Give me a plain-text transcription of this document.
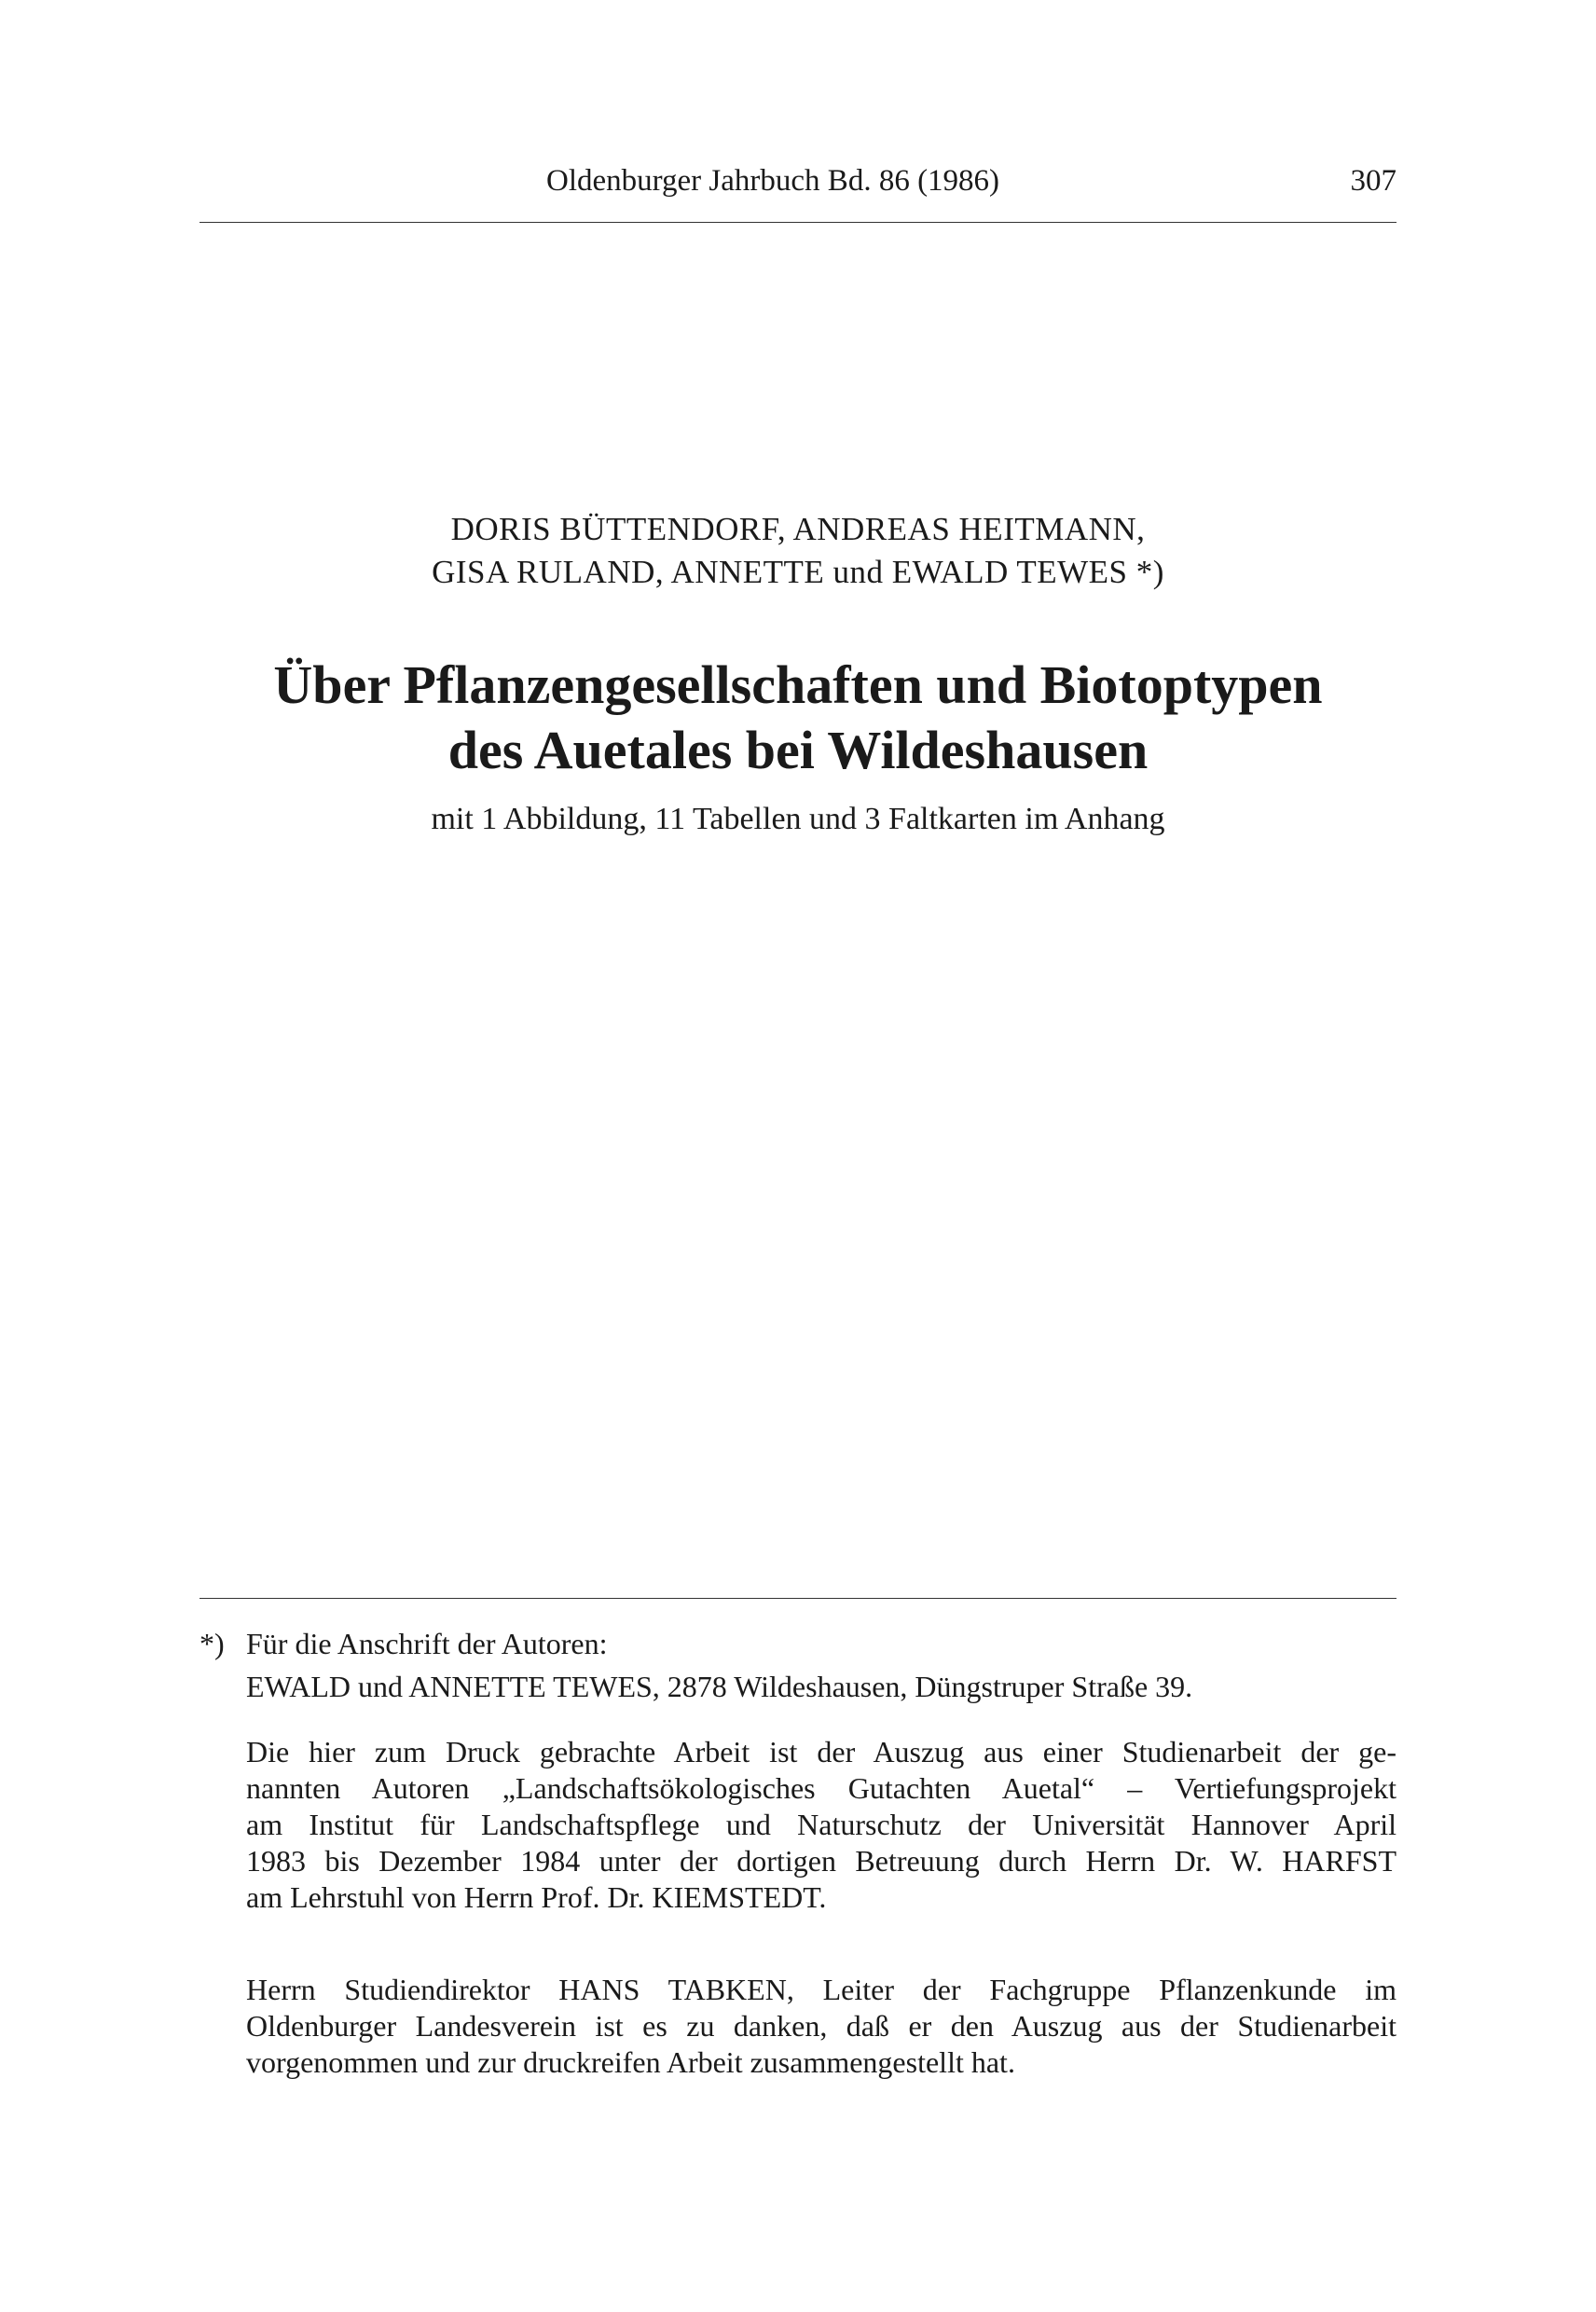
Oldenburger Jahrbuch Bd. 86 (1986)	307
DORIS BÜTTENDORF, ANDREAS HEITMANN,
GISA RULAND, ANNETTE und EWALD TEWES *)
Über Pflanzengesellschaften und Biotoptypen
des Auetales bei Wildeshausen
mit 1 Abbildung, 11 Tabellen und 3 Faltkarten im Anhang
*) Für die Anschrift der Autoren:
EWALD und ANNETTE TEWES, 2878 Wildeshausen, Düngstruper Straße 39.
Die hier zum Druck gebrachte Arbeit ist der Auszug aus einer Studienarbeit der ge-
nannten Autoren „Landschaftsökologisches Gutachten Auetal“ – Vertiefungsprojekt
am Institut für Landschaftspflege und Naturschutz der Universität Hannover April
1983 bis Dezember 1984 unter der dortigen Betreuung durch Herrn Dr. W. HARFST
am Lehrstuhl von Herrn Prof. Dr. KIEMSTEDT.
Herrn Studiendirektor HANS TABKEN, Leiter der Fachgruppe Pflanzenkunde im
Oldenburger Landesverein ist es zu danken, daß er den Auszug aus der Studienarbeit
vorgenommen und zur druckreifen Arbeit zusammengestellt hat.
